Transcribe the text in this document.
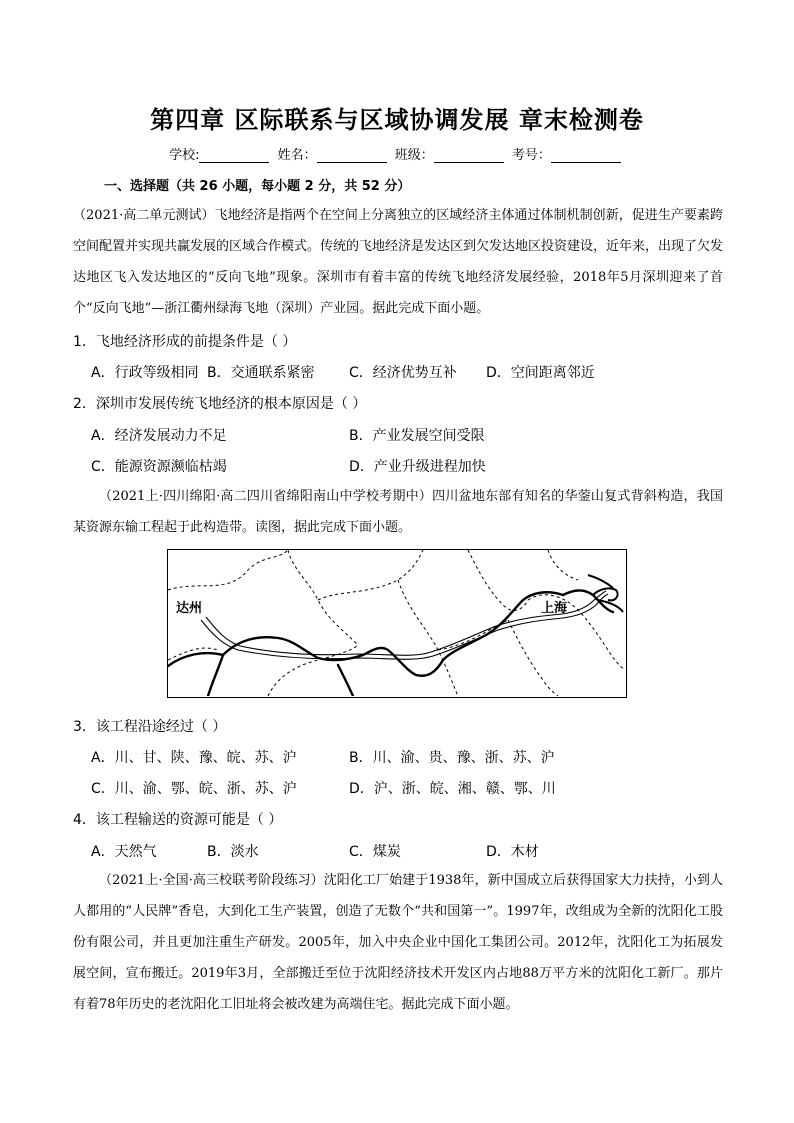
第四章 区际联系与区域协调发展 章末检测卷
学校:	姓名：	班级：	考号：
一、选择题（共 26 小题，每小题 2 分，共 52 分）
（2021·高二单元测试）飞地经济是指两个在空间上分离独立的区域经济主体通过体制机制创新，促进生产要素跨空间配置并实现共赢发展的区域合作模式。传统的飞地经济是发达区到欠发达地区投资建设，近年来，出现了欠发达地区飞入发达地区的“反向飞地”现象。深圳市有着丰富的传统飞地经济发展经验，2018年5月深圳迎来了首个“反向飞地”—浙江衢州绿海飞地（深圳）产业园。据此完成下面小题。
1．飞地经济形成的前提条件是（ ）
A．行政等级相同 B．交通联系紧密 C．经济优势互补 D．空间距离邻近
2．深圳市发展传统飞地经济的根本原因是（ ）
A．经济发展动力不足	B．产业发展空间受限
C．能源资源濒临枯竭	D．产业升级进程加快
（2021上·四川绵阳·高二四川省绵阳南山中学校考期中）四川盆地东部有知名的华蓥山复式背斜构造，我国某资源东输工程起于此构造带。读图，据此完成下面小题。
达州	上海
3．该工程沿途经过（ ）
A．川、甘、陕、豫、皖、苏、沪	B．川、渝、贵、豫、浙、苏、沪
C．川、渝、鄂、皖、浙、苏、沪	D．沪、浙、皖、湘、赣、鄂、川
4．该工程输送的资源可能是（ ）
A．天然气	B．淡水	C．煤炭	D．木材
（2021上·全国·高三校联考阶段练习）沈阳化工厂始建于1938年，新中国成立后获得国家大力扶持，小到人人都用的“人民牌”香皂，大到化工生产装置，创造了无数个“共和国第一”。1997年，改组成为全新的沈阳化工股份有限公司，并且更加注重生产研发。2005年，加入中央企业中国化工集团公司。2012年，沈阳化工为拓展发展空间，宣布搬迁。2019年3月，全部搬迁至位于沈阳经济技术开发区内占地88万平方米的沈阳化工新厂。那片有着78年历史的老沈阳化工旧址将会被改建为高端住宅。据此完成下面小题。
